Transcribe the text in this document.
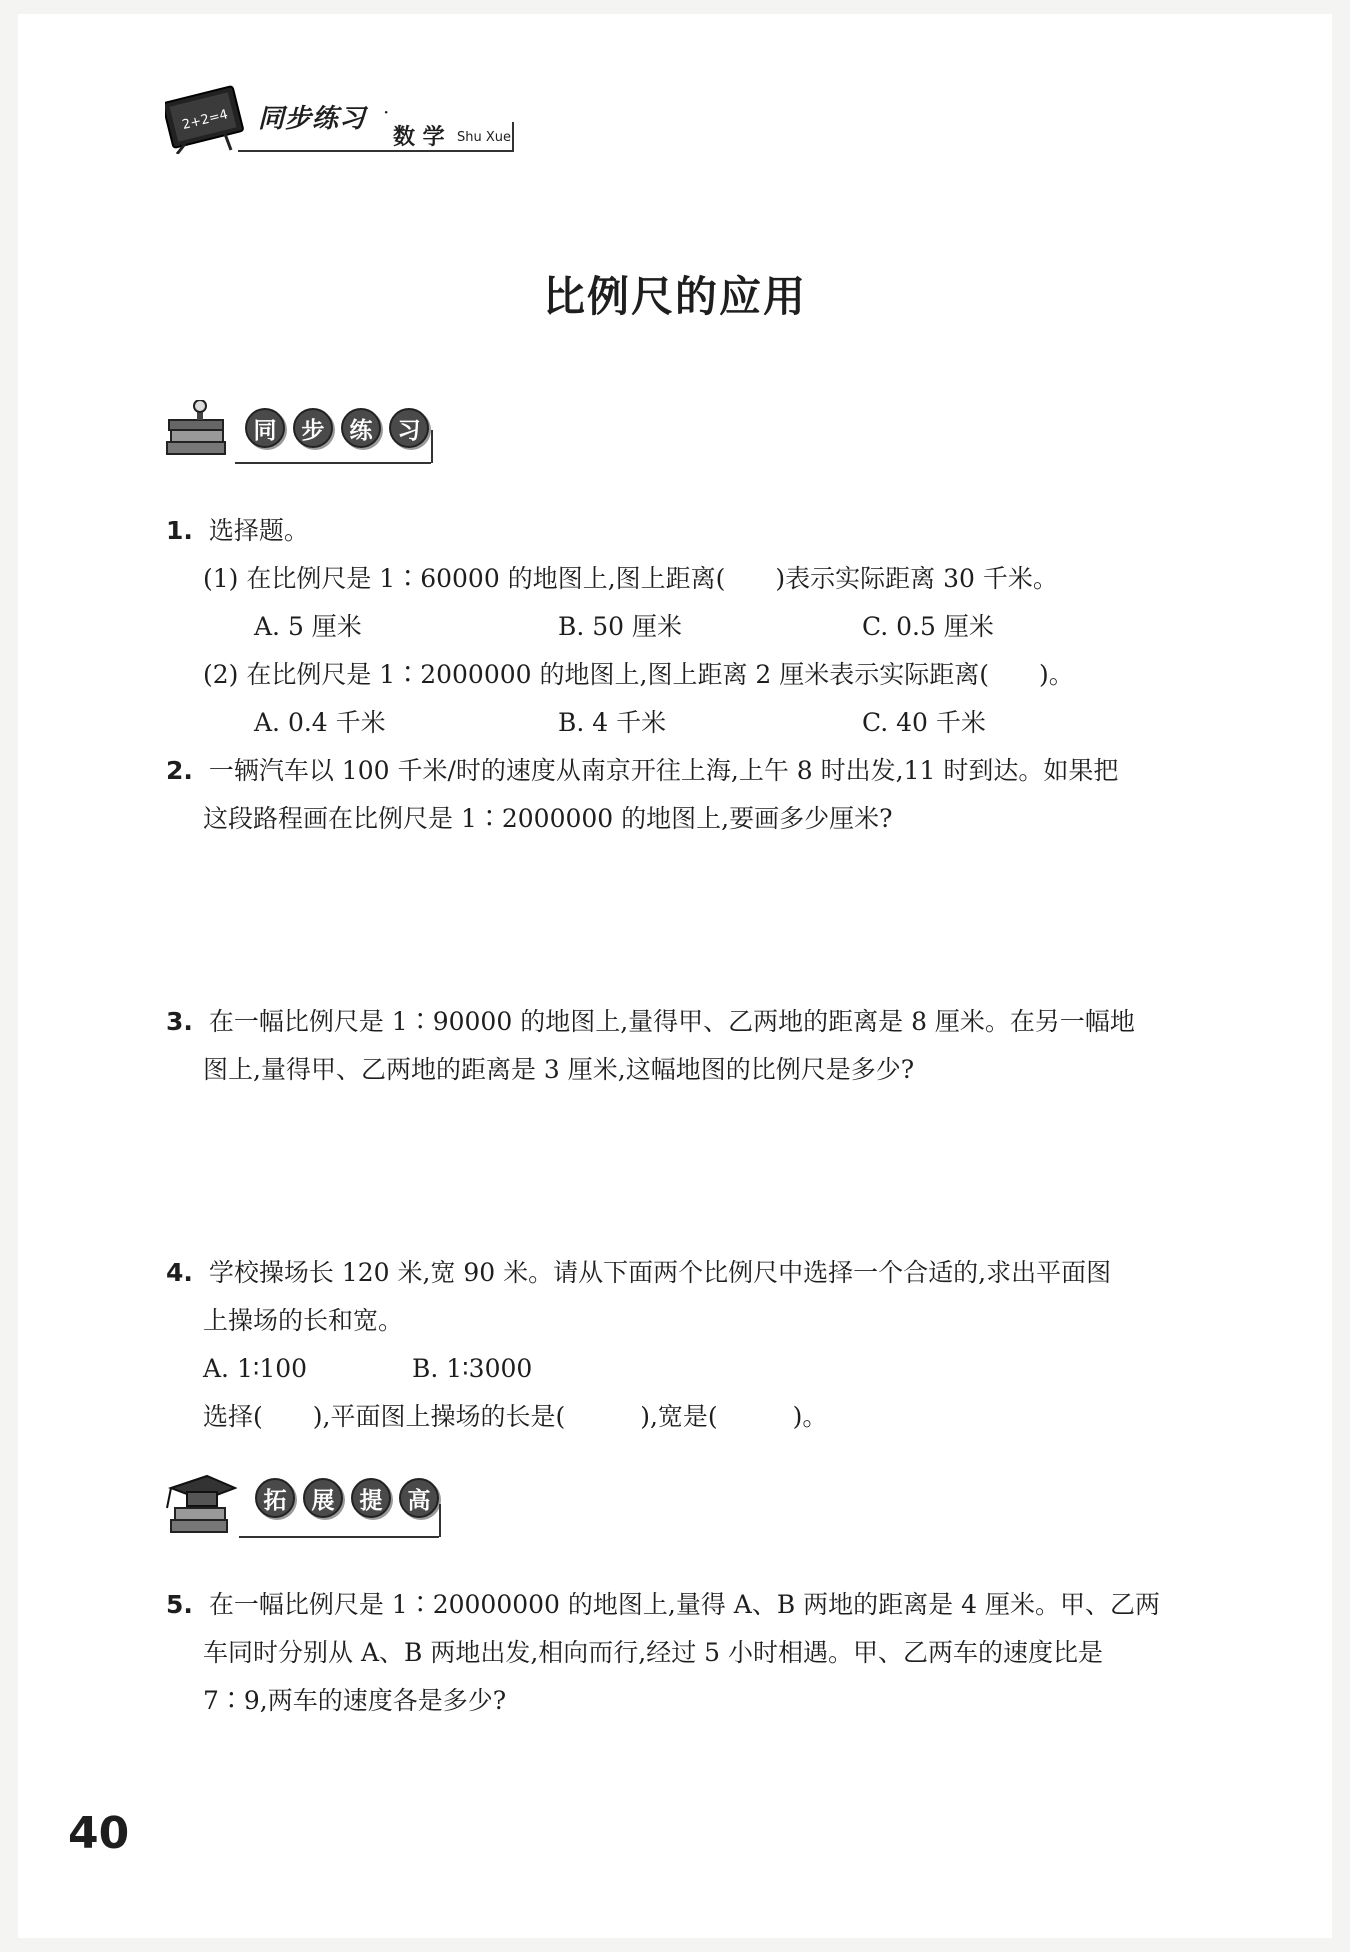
2+2=4 同步练习 ·
数 学 Shu Xue
比例尺的应用
同	步	练	习
1. 选择题。
(1) 在比例尺是 1∶60000 的地图上,图上距离(　　)表示实际距离 30 千米。
A. 5 厘米	B. 50 厘米	C. 0.5 厘米
(2) 在比例尺是 1∶2000000 的地图上,图上距离 2 厘米表示实际距离(　　)。
A. 0.4 千米	B. 4 千米	C. 40 千米
2. 一辆汽车以 100 千米/时的速度从南京开往上海,上午 8 时出发,11 时到达。如果把
这段路程画在比例尺是 1∶2000000 的地图上,要画多少厘米?
3. 在一幅比例尺是 1∶90000 的地图上,量得甲、乙两地的距离是 8 厘米。在另一幅地
图上,量得甲、乙两地的距离是 3 厘米,这幅地图的比例尺是多少?
4. 学校操场长 120 米,宽 90 米。请从下面两个比例尺中选择一个合适的,求出平面图
上操场的长和宽。
A. 1∶100	B. 1∶3000
选择(　　),平面图上操场的长是(　　　),宽是(　　　)。
拓	展	提	高
5. 在一幅比例尺是 1∶20000000 的地图上,量得 A、B 两地的距离是 4 厘米。甲、乙两
车同时分别从 A、B 两地出发,相向而行,经过 5 小时相遇。甲、乙两车的速度比是
7∶9,两车的速度各是多少?
40
